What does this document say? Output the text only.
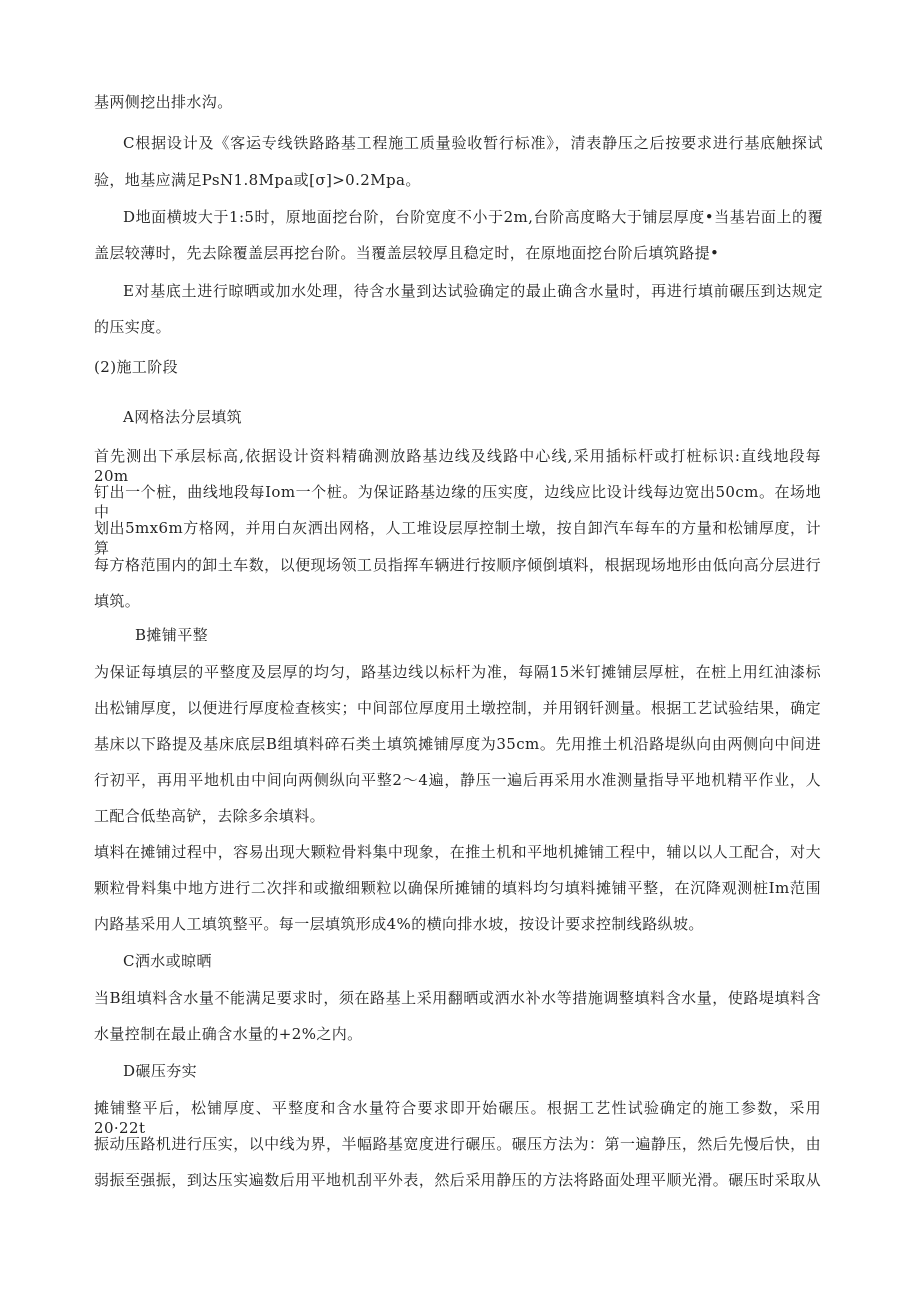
基两侧挖出排水沟。
C根据设计及《客运专线铁路路基工程施工质量验收暂行标准》，清表静压之后按要求进行基底触探试
验，地基应满足PsN1.8Mpa或[σ]>0.2Mpa。
D地面横坡大于1:5时，原地面挖台阶，台阶宽度不小于2m,台阶高度略大于铺层厚度•当基岩面上的覆
盖层较薄时，先去除覆盖层再挖台阶。当覆盖层较厚且稳定时，在原地面挖台阶后填筑路提•
E对基底土进行晾晒或加水处理，待含水量到达试验确定的最止确含水量时，再进行填前碾压到达规定
的压实度。
(2)施工阶段
A网格法分层填筑
首先测出下承层标高,依据设计资料精确测放路基边线及线路中心线,采用插标杆或打桩标识:直线地段每20m
钉出一个桩，曲线地段每Iom一个桩。为保证路基边缘的压实度，边线应比设计线每边宽出50cm。在场地中
划出5mx6m方格网，并用白灰洒出网格，人工堆设层厚控制土墩，按自卸汽车每车的方量和松铺厚度，计算
每方格范围内的卸土车数，以便现场领工员指挥车辆进行按顺序倾倒填料，根据现场地形由低向高分层进行
填筑。
B摊铺平整
为保证每填层的平整度及层厚的均匀，路基边线以标杆为准，每隔15米钉摊铺层厚桩，在桩上用红油漆标
出松铺厚度，以便进行厚度检查核实；中间部位厚度用土墩控制，并用钢钎测量。根据工艺试验结果，确定
基床以下路提及基床底层B组填料碎石类土填筑摊铺厚度为35cm。先用推土机沿路堤纵向由两侧向中间进
行初平，再用平地机由中间向两侧纵向平整2～4遍，静压一遍后再采用水准测量指导平地机精平作业，人
工配合低垫高铲，去除多余填料。
填料在摊铺过程中，容易出现大颗粒骨料集中现象，在推土机和平地机摊铺工程中，辅以以人工配合，对大
颗粒骨料集中地方进行二次拌和或撤细颗粒以确保所摊铺的填料均匀填料摊铺平整，在沉降观测桩Im范围
内路基采用人工填筑整平。每一层填筑形成4%的横向排水坡，按设计要求控制线路纵坡。
C洒水或晾晒
当B组填料含水量不能满足要求时，须在路基上采用翻晒或洒水补水等措施调整填料含水量，使路堤填料含
水量控制在最止确含水量的+2%之内。
D碾压夯实
摊铺整平后，松铺厚度、平整度和含水量符合要求即开始碾压。根据工艺性试验确定的施工参数，采用20·22t
振动压路机进行压实，以中线为界，半幅路基宽度进行碾压。碾压方法为：第一遍静压，然后先慢后快，由
弱振至强振，到达压实遍数后用平地机刮平外表，然后采用静压的方法将路面处理平顺光滑。碾压时采取从
